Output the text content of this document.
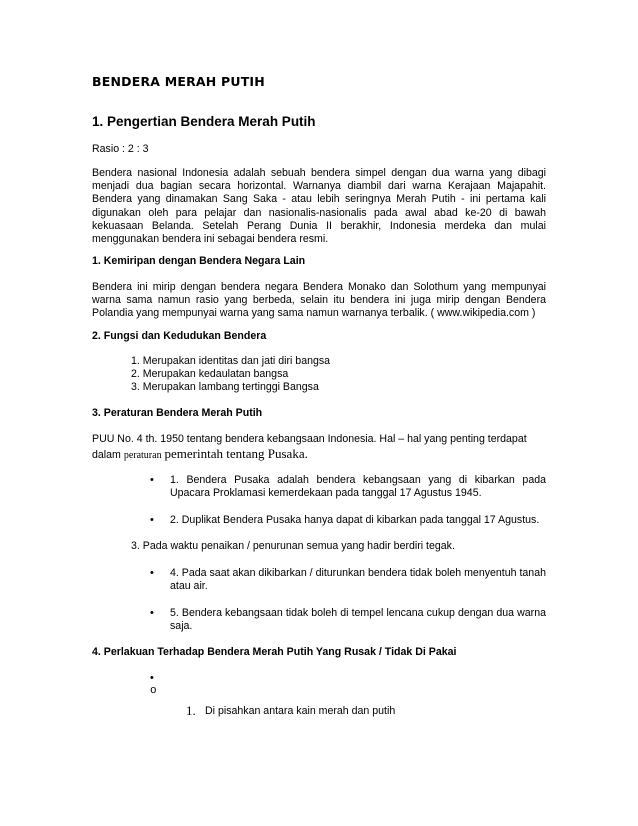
BENDERA MERAH PUTIH
1. Pengertian Bendera Merah Putih
Rasio : 2 : 3
Bendera nasional Indonesia adalah sebuah bendera simpel dengan dua warna yang dibagi menjadi dua bagian secara horizontal. Warnanya diambil dari warna Kerajaan Majapahit. Bendera yang dinamakan Sang Saka - atau lebih seringnya Merah Putih - ini pertama kali digunakan oleh para pelajar dan nasionalis-nasionalis pada awal abad ke-20 di bawah kekuasaan Belanda. Setelah Perang Dunia II berakhir, Indonesia merdeka dan mulai menggunakan bendera ini sebagai bendera resmi.
1. Kemiripan dengan Bendera Negara Lain
Bendera ini mirip dengan bendera negara Bendera Monako dan Solothum yang mempunyai warna sama namun rasio yang berbeda, selain itu bendera ini juga mirip dengan Bendera Polandia yang mempunyai warna yang sama namun warnanya terbalik. ( www.wikipedia.com )
2. Fungsi dan Kedudukan Bendera
1. Merupakan identitas dan jati diri bangsa
2. Merupakan kedaulatan bangsa
3. Merupakan lambang tertinggi Bangsa
3. Peraturan Bendera Merah Putih
PUU No. 4 th. 1950 tentang bendera kebangsaan Indonesia. Hal – hal yang penting terdapat
dalam peraturan pemerintah tentang Pusaka.
• 1. Bendera Pusaka adalah bendera kebangsaan yang di kibarkan pada Upacara Proklamasi kemerdekaan pada tanggal 17 Agustus 1945.
• 2. Duplikat Bendera Pusaka hanya dapat di kibarkan pada tanggal 17 Agustus.
3. Pada waktu penaikan / penurunan semua yang hadir berdiri tegak.
• 4. Pada saat akan dikibarkan / diturunkan bendera tidak boleh menyentuh tanah atau air.
• 5. Bendera kebangsaan tidak boleh di tempel lencana cukup dengan dua warna saja.
4. Perlakuan Terhadap Bendera Merah Putih Yang Rusak / Tidak Di Pakai
•
o
1. Di pisahkan antara kain merah dan putih
